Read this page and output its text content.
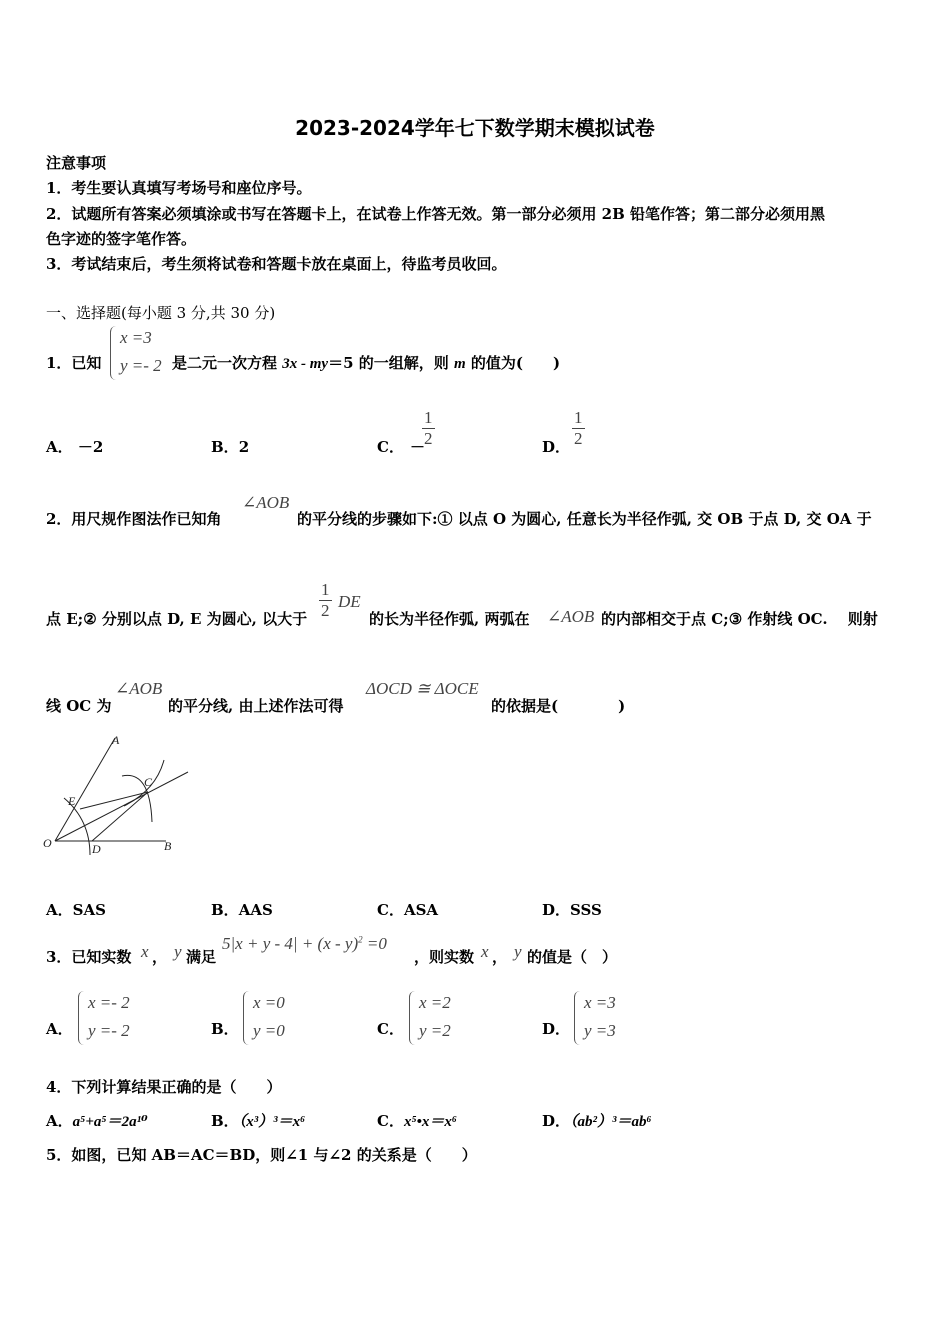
2023-2024学年七下数学期末模拟试卷
注意事项
1．考生要认真填写考场号和座位序号。
2．试题所有答案必须填涂或书写在答题卡上，在试卷上作答无效。第一部分必须用 2B 铅笔作答；第二部分必须用黑
色字迹的签字笔作答。
3．考试结束后，考生须将试卷和答题卡放在桌面上，待监考员收回。
一、选择题(每小题 3 分,共 30 分)
1．已知
x =3
y =- 2 是二元一次方程 3x - my＝5 的一组解，则 m 的值为(　　)
A． －2	B．2	C． －
$\frac{1}{2}$	D． $\frac{1}{2}$
2．用尺规作图法作已知角
∠AOB
的平分线的步骤如下:① 以点 O 为圆心, 任意长为半径作弧, 交 OB 于点 D, 交 OA 于
点 E;② 分别以点 D, E 为圆心, 以大于 $\frac{1}{2}$ DE
的长为半径作弧, 两弧在 ∠AOB 的内部相交于点 C;③ 作射线 OC.　 则射
线 OC 为
∠AOB
的平分线, 由上述作法可得
ΔOCD ≅ ΔOCE
的依据是(　　　　)
A
B
C
D
E
O
A．SAS	B．AAS	C．ASA	D．SSS
3．已知实数 x ， y 满足
5|x + y - 4| + (x - y)$^2$ =0
，则实数 x ， y 的值是（　）
A．
x =- 2
y =- 2	B．
x =0
y =0	C．
x =2
y =2	D．
x =3
y =3
4．下列计算结果正确的是（　　）
A．a⁵+a⁵＝2a¹⁰	B．（x³）³＝x⁶	C．x⁵•x＝x⁶	D．（ab²）³＝ab⁶
5．如图，已知 AB＝AC＝BD，则∠1 与∠2 的关系是（　　）
